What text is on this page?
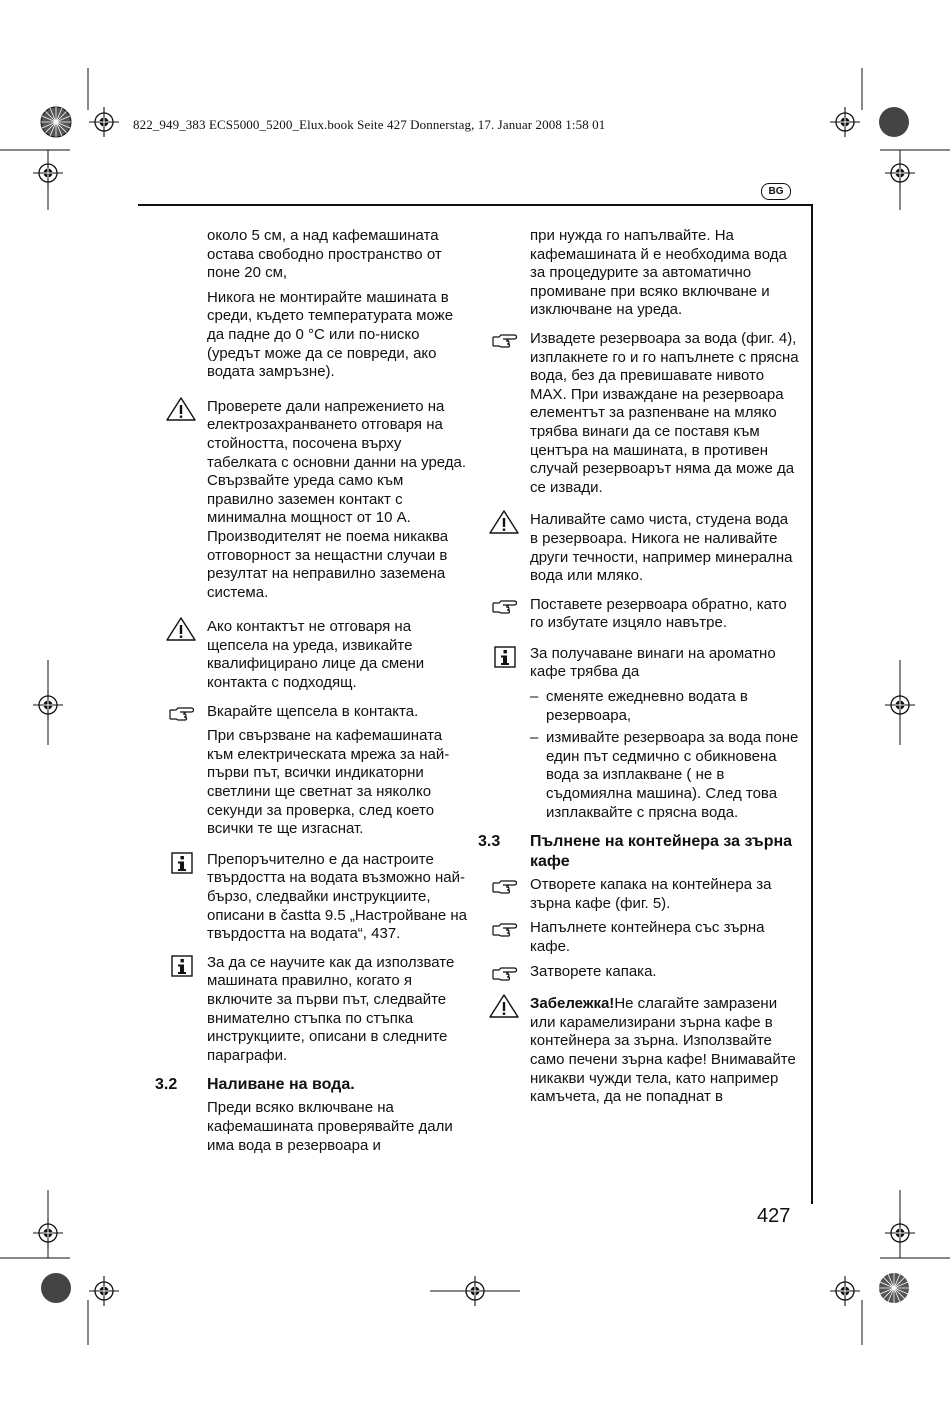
822_949_383 ECS5000_5200_Elux.book Seite 427 Donnerstag, 17. Januar 2008 1:58 01
BG

около 5 см, а над кафемашината остава свободно пространство от поне 20 см,

Никога не монтирайте машината в среди, където температурата може да падне до 0 °C или по-ниско (уредът може да се повреди, ако водата замръзне).

Проверете дали напрежението на електрозахранването отговаря на стойността, посочена върху табелката с основни данни на уреда. Свързвайте уреда само към правилно заземен контакт с минимална мощност от 10 A. Производителят не поема никаква отговорност за нещастни случаи в резултат на неправилно заземена система.

Ако контактът не отговаря на щепсела на уреда, извикайте квалифицирано лице да смени контакта с подходящ.

Вкарайте щепсела в контакта.

При свързване на кафемашината към електрическата мрежа за най-първи път, всички индикаторни светлини ще светнат за няколко секунди за проверка, след което всички те ще изгаснат.

Препоръчително е да настроите твърдостта на водата възможно най-бързо, следвайки инструкциите, описани в častta 9.5 „Настройване на твърдостта на водата“, 437.

За да се научите как да използвате машината правилно, когато я включите за първи път, следвайте внимателно стъпка по стъпка инструкциите, описани в следните параграфи.

3.2 Наливане на вода.

Преди всяко включване на кафемашината проверявайте дали има вода в резервоара и

при нужда го напълвайте. На кафемашината й е необходима вода за процедурите за автоматично промиване при всяко включване и изключване на уреда.

Извадете резервоара за вода (фиг. 4), изплакнете го и го напълнете с прясна вода, без да превишавате нивото MAX. При изваждане на резервоара елементът за разпенване на мляко трябва винаги да се поставя към центъра на машината, в противен случай резервоарът няма да може да се извади.

Наливайте само чиста, студена вода в резервоара. Никога не наливайте други течности, например минерална вода или мляко.

Поставете резервоара обратно, като го избутате изцяло навътре.

За получаване винаги на ароматно кафе трябва да

– сменяте ежедневно водата в резервоара,
– измивайте резервоара за вода поне един път седмично с обикновена вода за изплакване ( не в съдомиялна машина). След това изплаквайте с прясна вода.
3.3 Пълнене на контейнера за зърна кафе

Отворете капака на контейнера за зърна кафе (фиг. 5).

Напълнете контейнера със зърна кафе.

Затворете капака.

Забележка!Не слагайте замразени или карамелизирани зърна кафе в контейнера за зърна. Използвайте само печени зърна кафе! Внимавайте никакви чужди тела, като например камъчета, да не попаднат в

427
